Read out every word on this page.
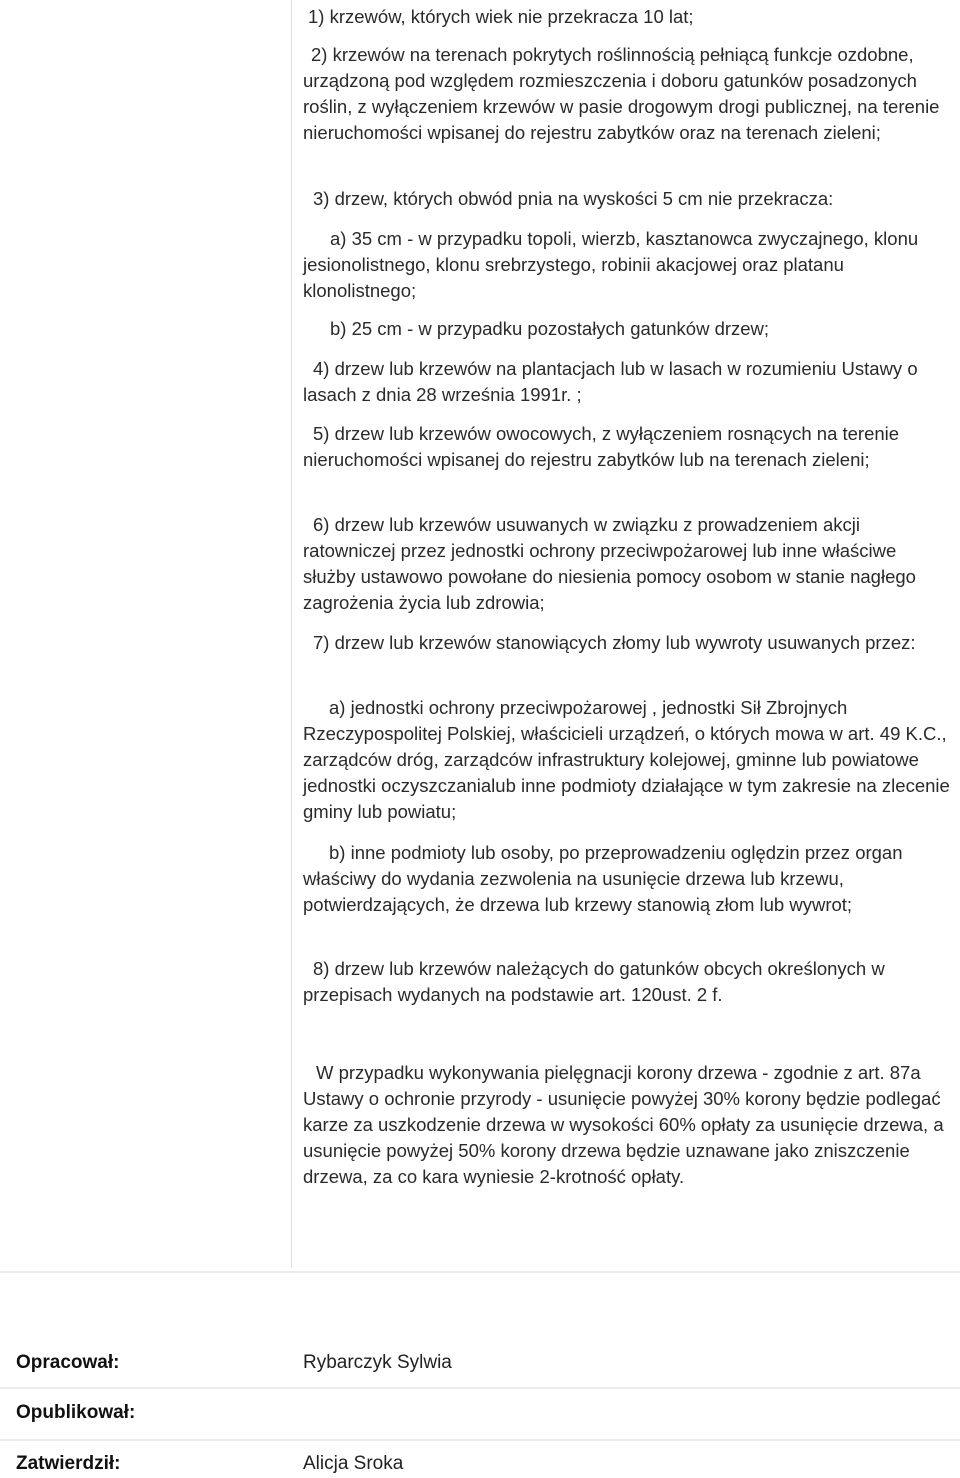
1) krzewów, których wiek nie przekracza 10 lat;

2) krzewów na terenach pokrytych roślinnością pełniącą funkcje ozdobne, urządzoną pod względem rozmieszczenia i doboru gatunków posadzonych roślin, z wyłączeniem krzewów w pasie drogowym drogi publicznej, na terenie nieruchomości wpisanej do rejestru zabytków oraz na terenach zieleni;

3) drzew, których obwód pnia na wyskości 5 cm nie przekracza:

a) 35 cm - w przypadku topoli, wierzb, kasztanowca zwyczajnego, klonu jesionolistnego, klonu srebrzystego, robinii akacjowej oraz platanu klonolistnego;

b) 25 cm - w przypadku pozostałych gatunków drzew;

4) drzew lub krzewów na plantacjach lub w lasach w rozumieniu Ustawy o lasach z dnia 28 września 1991r. ;

5) drzew lub krzewów owocowych, z wyłączeniem rosnących na terenie nieruchomości wpisanej do rejestru zabytków lub na terenach zieleni;

6) drzew lub krzewów usuwanych w związku z prowadzeniem akcji ratowniczej przez jednostki ochrony przeciwpożarowej lub inne właściwe służby ustawowo powołane do niesienia pomocy osobom w stanie nagłego zagrożenia życia lub zdrowia;

7) drzew lub krzewów stanowiących złomy lub wywroty usuwanych przez:

a) jednostki ochrony przeciwpożarowej , jednostki Sił Zbrojnych Rzeczypospolitej Polskiej, właścicieli urządzeń, o których mowa w art. 49 K.C., zarządców dróg, zarządców infrastruktury kolejowej, gminne lub powiatowe jednostki oczyszczanialub inne podmioty działające w tym zakresie na zlecenie gminy lub powiatu;

b) inne podmioty lub osoby, po przeprowadzeniu oględzin przez organ właściwy do wydania zezwolenia na usunięcie drzewa lub krzewu, potwierdzających, że drzewa lub krzewy stanowią złom lub wywrot;

8) drzew lub krzewów należących do gatunków obcych określonych w przepisach wydanych na podstawie art. 120ust. 2 f.

W przypadku wykonywania pielęgnacji korony drzewa - zgodnie z art. 87a Ustawy o ochronie przyrody - usunięcie powyżej 30% korony będzie podlegać karze za uszkodzenie drzewa w wysokości 60% opłaty za usunięcie drzewa, a usunięcie powyżej 50% korony drzewa będzie uznawane jako zniszczenie drzewa, za co kara wyniesie 2-krotność opłaty.

Opracował:	Rybarczyk Sylwia
Opublikował:
Zatwierdził:	Alicja Sroka
